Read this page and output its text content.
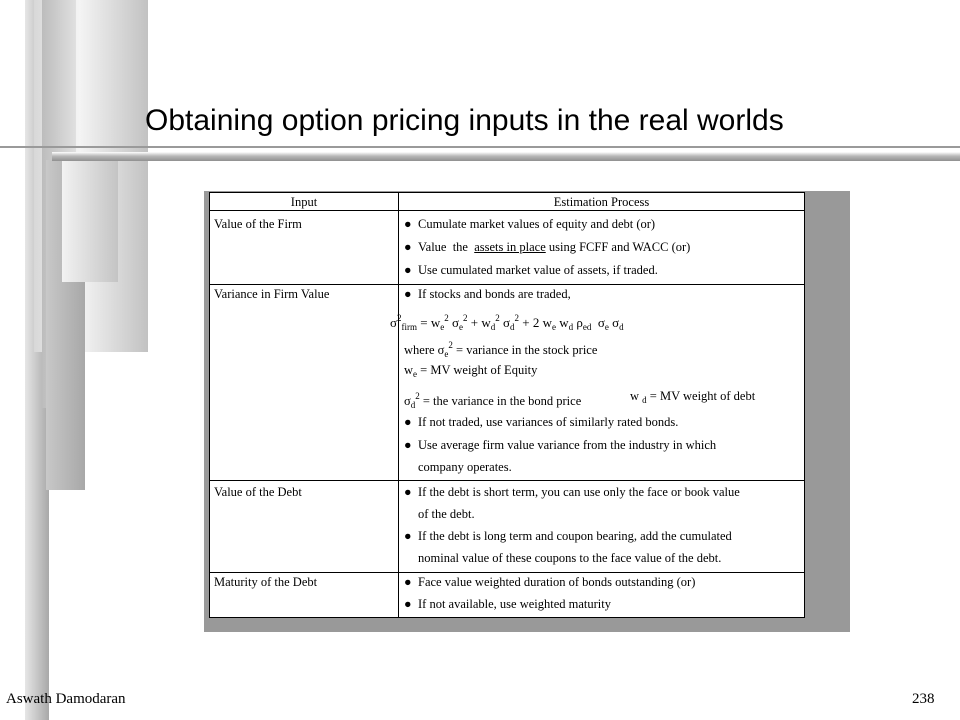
Obtaining option pricing inputs in the real worlds
Input	Estimation Process
Value of the Firm	● Cumulate market values of equity and debt (or)
● Value  the  assets in place using FCFF and WACC (or)
● Use cumulated market value of assets, if traded.
Variance in Firm Value	● If stocks and bonds are traded,
$\sigma^2_{firm} = w_e^2$ $\sigma_e^2 + w_d^2$ $\sigma_d^2 + 2$ $w_e$ $w_d$ $\rho_{ed}$  $\sigma_e$ $\sigma_d$
where $\sigma_e^2$ = variance in the stock price
$w_e$ = MV weight of Equity
$\sigma_d^2$ = the variance in the bond price	w $_d$ = MV weight of debt
● If not traded, use variances of similarly rated bonds.
● Use average firm value variance from the industry in which
company operates.
Value of the Debt	● If the debt is short term, you can use only the face or book value
of the debt.
● If the debt is long term and coupon bearing, add the cumulated
nominal value of these coupons to the face value of the debt.
Maturity of the Debt	● Face value weighted duration of bonds outstanding (or)
● If not available, use weighted maturity
Aswath Damodaran	238
